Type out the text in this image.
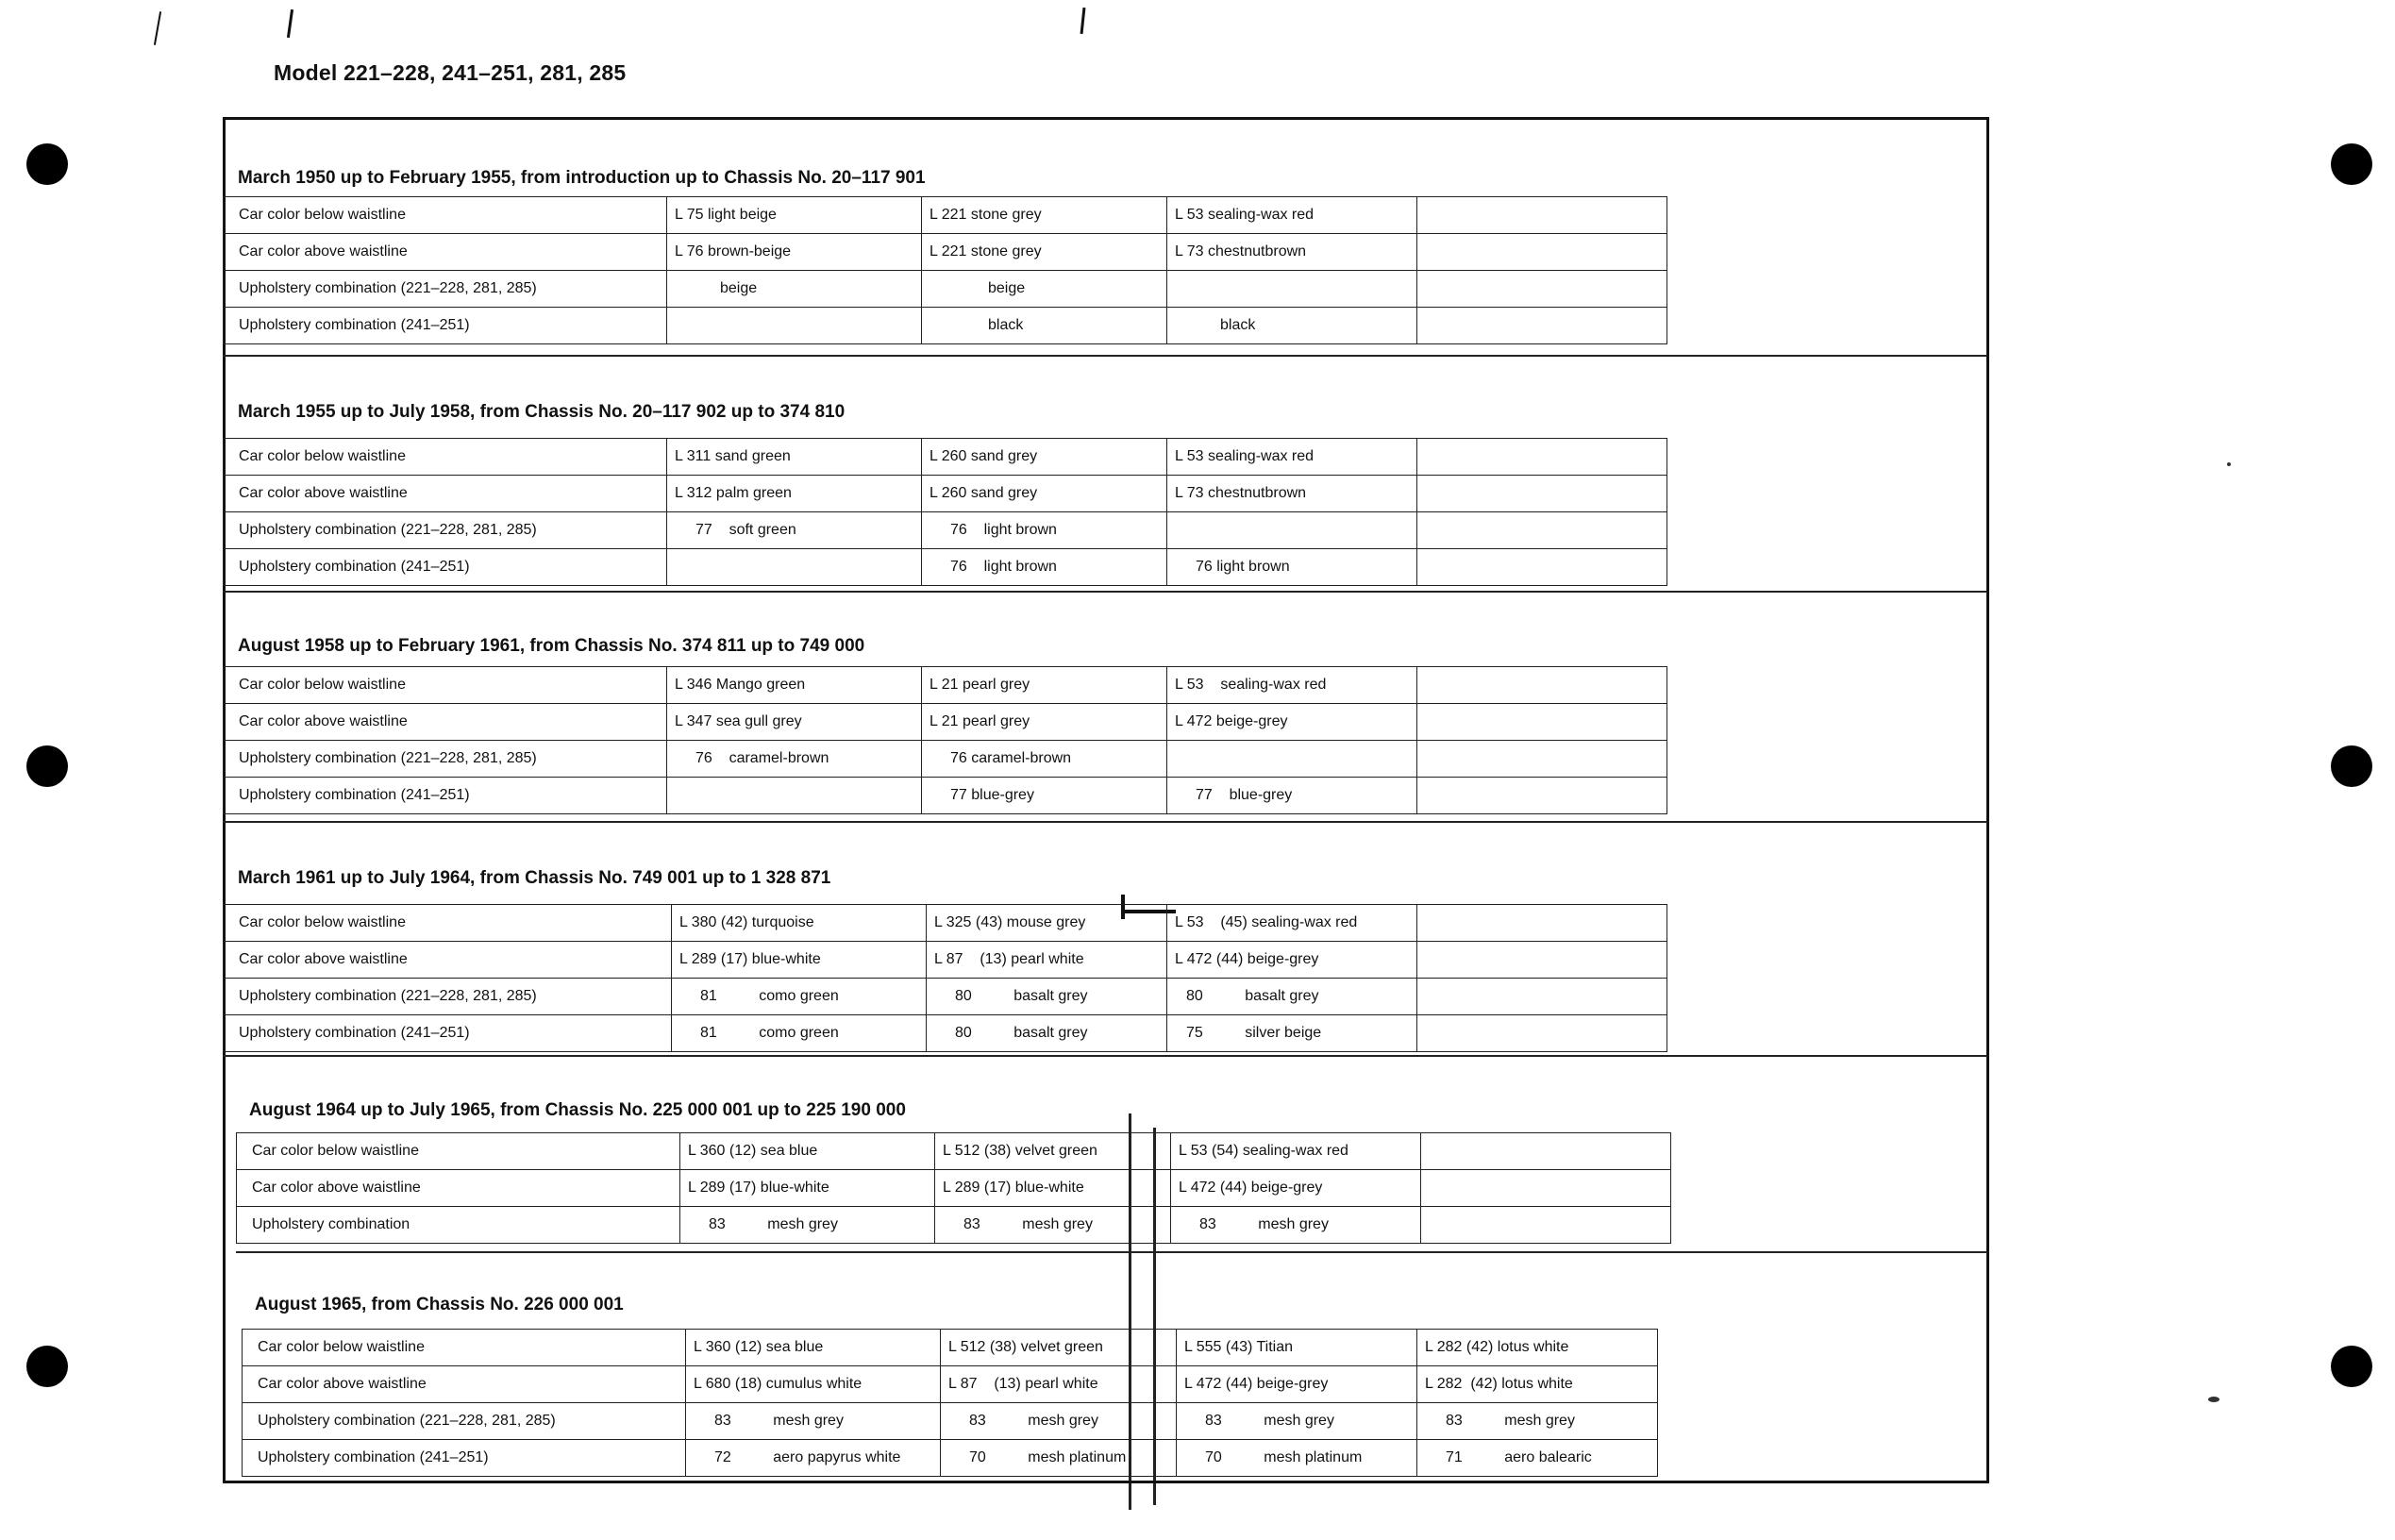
Model 221–228, 241–251, 281, 285
March 1950 up to February 1955, from introduction up to Chassis No. 20–117 901
Car color below waistline	L 75 light beige	L 221 stone grey	L 53 sealing-wax red	
Car color above waistline	L 76 brown-beige	L 221 stone grey	L 73 chestnutbrown	
Upholstery combination (221–228, 281, 285)	beige	beige		
Upholstery combination (241–251)		black	black	
March 1955 up to July 1958, from Chassis No. 20–117 902 up to 374 810
Car color below waistline	L 311 sand green	L 260 sand grey	L 53 sealing-wax red	
Car color above waistline	L 312 palm green	L 260 sand grey	L 73 chestnutbrown	
Upholstery combination (221–228, 281, 285)	77    soft green	76    light brown		
Upholstery combination (241–251)		76    light brown	76 light brown	
August 1958 up to February 1961, from Chassis No. 374 811 up to 749 000
Car color below waistline	L 346 Mango green	L 21 pearl grey	L 53    sealing-wax red	
Car color above waistline	L 347 sea gull grey	L 21 pearl grey	L 472 beige-grey	
Upholstery combination (221–228, 281, 285)	76    caramel-brown	76 caramel-brown		
Upholstery combination (241–251)		77 blue-grey	77    blue-grey	
March 1961 up to July 1964, from Chassis No. 749 001 up to 1 328 871
Car color below waistline	L 380 (42) turquoise	L 325 (43) mouse grey	L 53    (45) sealing-wax red	
Car color above waistline	L 289 (17) blue-white	L 87    (13) pearl white	L 472 (44) beige-grey	
Upholstery combination (221–228, 281, 285)	81          como green	80          basalt grey	80          basalt grey	
Upholstery combination (241–251)	81          como green	80          basalt grey	75          silver beige	
August 1964 up to July 1965, from Chassis No. 225 000 001 up to 225 190 000
Car color below waistline	L 360 (12) sea blue	L 512 (38) velvet green	L 53 (54) sealing-wax red	
Car color above waistline	L 289 (17) blue-white	L 289 (17) blue-white	L 472 (44) beige-grey	
Upholstery combination	83          mesh grey	83          mesh grey	83          mesh grey	
August 1965, from Chassis No. 226 000 001
Car color below waistline	L 360 (12) sea blue	L 512 (38) velvet green	L 555 (43) Titian	L 282 (42) lotus white
Car color above waistline	L 680 (18) cumulus white	L 87    (13) pearl white	L 472 (44) beige-grey	L 282  (42) lotus white
Upholstery combination (221–228, 281, 285)	83          mesh grey	83          mesh grey	83          mesh grey	83          mesh grey
Upholstery combination (241–251)	72          aero papyrus white	70          mesh platinum	70          mesh platinum	71          aero balearic
